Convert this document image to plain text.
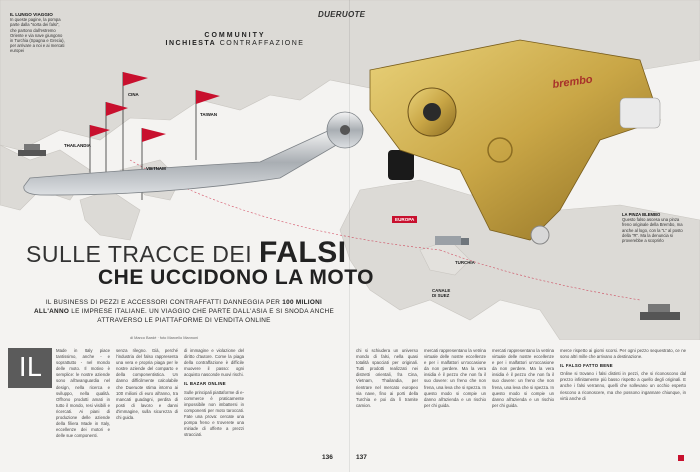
brembo
DUERUOTE
COMMUNITY
INCHIESTA CONTRAFFAZIONE
IL LUNGO VIAGGIO
In queste pagine, la pompa parte dalla "sorta dei falsi", che partono dall'estremo Oriente e via nave giungono in Turchia (Spagna e Grecia), per arrivare a noi e ai mercati europei
CINA
TAIWAN
THAILANDIA
VIETNAM
EUROPA
TURCHIA
CANALE
DI SUEZ
LA PINZA BLEMBO
Questo falso ascesa una pinza freno originale della Brembo, ma anche al logo, con la "L" al posto della "R". Ma la denuncia si proverebbe a scoprirlo
SULLE TRACCE DEI FALSI
CHE UCCIDONO LA MOTO
IL BUSINESS DI PEZZI E ACCESSORI CONTRAFFATTI DANNEGGIA PER 100 MILIONI ALL'ANNO LE IMPRESE ITALIANE. UN VIAGGIO CHE PARTE DALL'ASIA E SI SNODA ANCHE ATTRAVERSO LE PIATTAFORME DI VENDITA ONLINE
di Marco Bardé · foto Marcello Mannoni
IL
Made in Italy piace tantissimo, anche - e soprattutto - nel mondo delle moto. Il motivo è semplice: le nostre aziende sono all'avanguardia nel design, nella ricerca e sviluppo, nella qualità. Offrono prodotti amati in tutto il mondo, resi visibili e ricercati. Ai piani di produzione delle aziende della filiera Made in Italy, eccellenze dei motori e delle sue componenti.
senza rilegno. Già, perché l'industria del falso rappresenta una vera e propria piaga per le nostre aziende del comparto e della componentistica. Un danno difficilmente calcolabile che Dueruote stima intorno ai 100 milioni di euro all'anno, tra mancati guadagni, perdita di posti di lavoro e danni d'immagine, sulla sicurezza di chi guida.
di immagine e violazione del diritto d'autore. Come la piaga della contraffazione è difficile muovere il passo: ogni acquisto nasconde nuovi rischi.
IL BAZAR ONLINE
Sulle principali piattaforme di e-commerce è praticamente impossibile non imbattersi in componenti per moto taroccati. Fate una prova: cercate una pompa freno e troverete una miriade di offerte a prezzi stracciati.
chi si schiudera un universo mondo di falsi, nella quasi totalità spacciati per originali. Tutti prodotti realizzati nei distretti orientali, fra Cina, Vietnam, Thailandia, per rientrare nel mercato europeo via nave, fino ai porti della Turchia e poi da lì tramite camion.
mercati rappresentano la vetrina virtuale delle nostre eccellenze e per i malfattori un'occasione da non perdere. Ma la vera insidia è il pezzo che non fa il suo dovere: un freno che non frena, una leva che si spezza. In questo modo si compie un danno all'azienda e un rischio per chi guida.
mercati rappresentano la vetrina virtuale delle nostre eccellenze e per i malfattori un'occasione da non perdere. Ma la vera insidia è il pezzo che non fa il suo dovere: un freno che non frena, una leva che si spezza. In questo modo si compie un danno all'azienda e un rischio per chi guida.
merce rispetto ai giorni scorsi. Per ogni pezzo sequestrato, ce ne sono altri mille che arrivano a destinazione.
IL FALSO FATTO BENE
Online si trovano i falsi distinti in pezzi, che si riconoscono dal prezzo infinitamente più basso rispetto a quello degli originali. E anche i falsi verranno, quelli che sollevano un occhio esperto riescono a riconoscere, ma che possono ingannare chiunque, in virtù anche di
136	137
